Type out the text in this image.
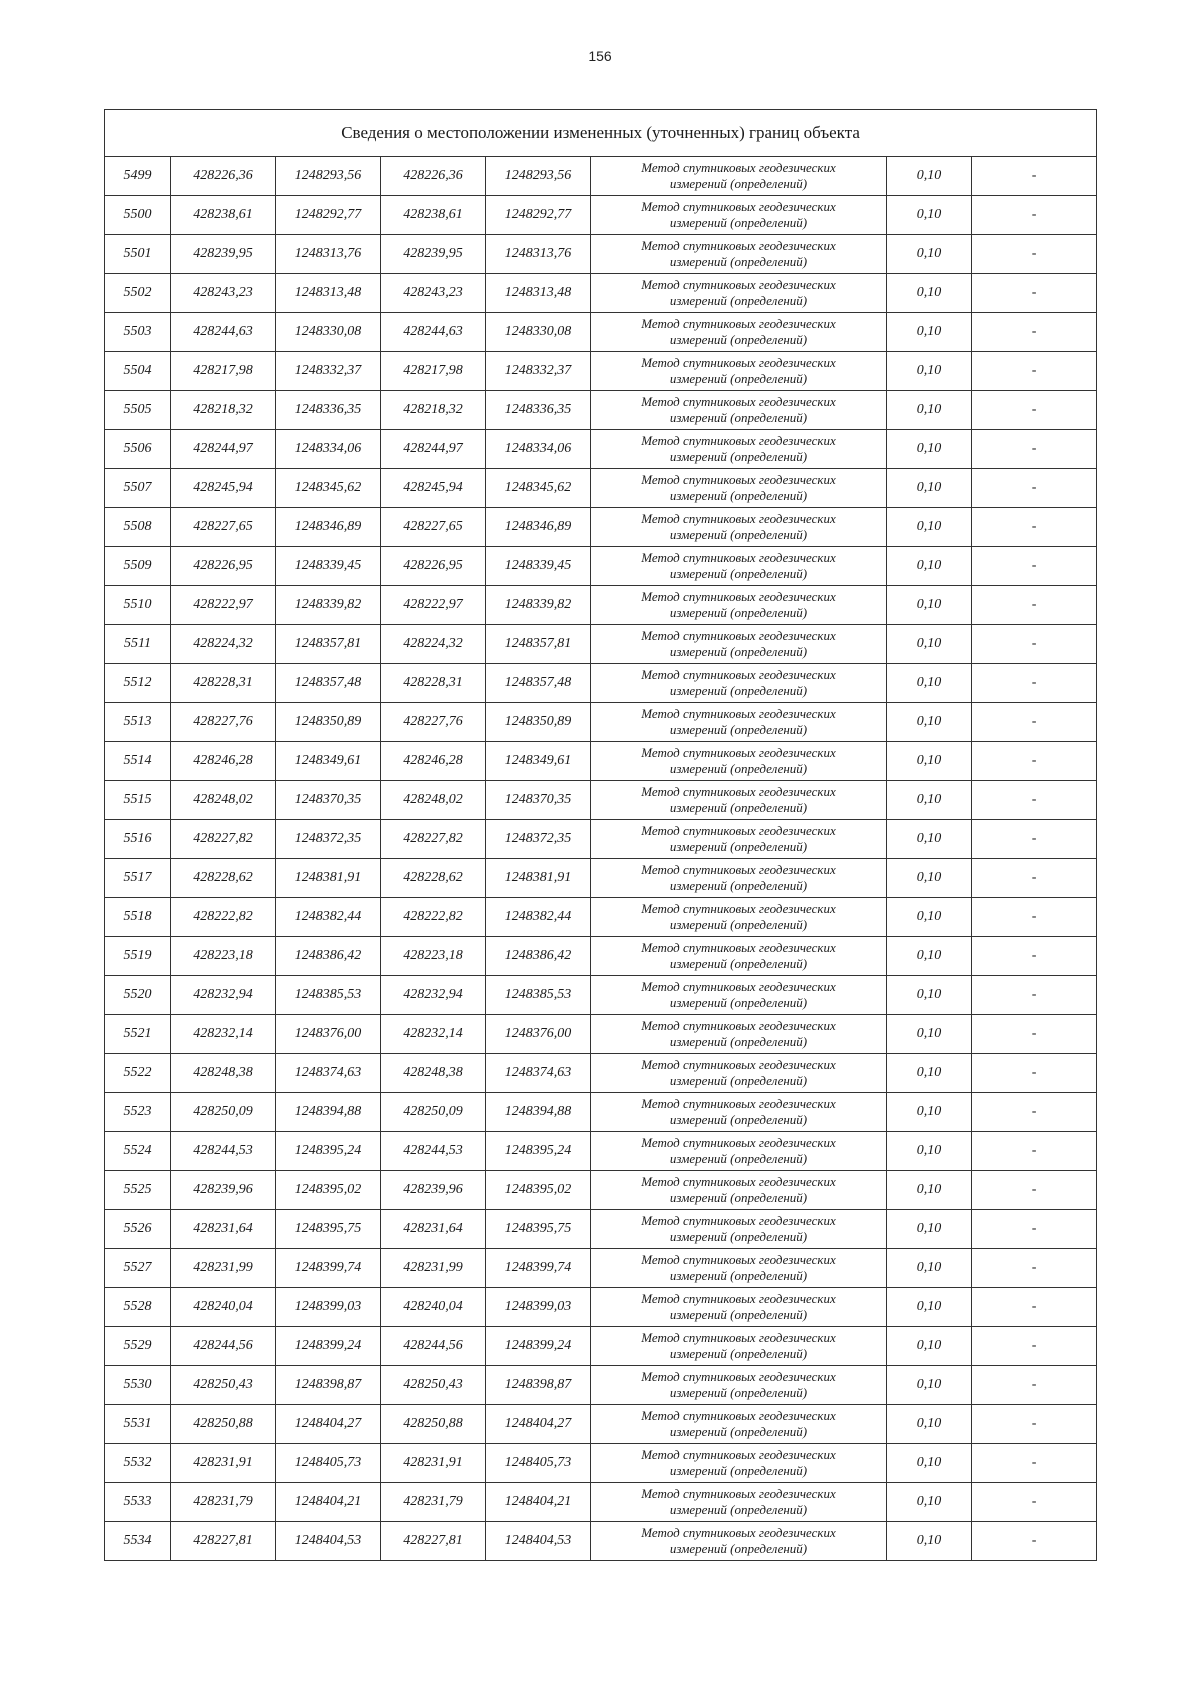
156
Сведения о местоположении измененных (уточненных) границ объекта							
5499	428226,36	1248293,56	428226,36	1248293,56	Метод спутниковых геодезических
измерений (определений)	0,10	-
5500	428238,61	1248292,77	428238,61	1248292,77	Метод спутниковых геодезических
измерений (определений)	0,10	-
5501	428239,95	1248313,76	428239,95	1248313,76	Метод спутниковых геодезических
измерений (определений)	0,10	-
5502	428243,23	1248313,48	428243,23	1248313,48	Метод спутниковых геодезических
измерений (определений)	0,10	-
5503	428244,63	1248330,08	428244,63	1248330,08	Метод спутниковых геодезических
измерений (определений)	0,10	-
5504	428217,98	1248332,37	428217,98	1248332,37	Метод спутниковых геодезических
измерений (определений)	0,10	-
5505	428218,32	1248336,35	428218,32	1248336,35	Метод спутниковых геодезических
измерений (определений)	0,10	-
5506	428244,97	1248334,06	428244,97	1248334,06	Метод спутниковых геодезических
измерений (определений)	0,10	-
5507	428245,94	1248345,62	428245,94	1248345,62	Метод спутниковых геодезических
измерений (определений)	0,10	-
5508	428227,65	1248346,89	428227,65	1248346,89	Метод спутниковых геодезических
измерений (определений)	0,10	-
5509	428226,95	1248339,45	428226,95	1248339,45	Метод спутниковых геодезических
измерений (определений)	0,10	-
5510	428222,97	1248339,82	428222,97	1248339,82	Метод спутниковых геодезических
измерений (определений)	0,10	-
5511	428224,32	1248357,81	428224,32	1248357,81	Метод спутниковых геодезических
измерений (определений)	0,10	-
5512	428228,31	1248357,48	428228,31	1248357,48	Метод спутниковых геодезических
измерений (определений)	0,10	-
5513	428227,76	1248350,89	428227,76	1248350,89	Метод спутниковых геодезических
измерений (определений)	0,10	-
5514	428246,28	1248349,61	428246,28	1248349,61	Метод спутниковых геодезических
измерений (определений)	0,10	-
5515	428248,02	1248370,35	428248,02	1248370,35	Метод спутниковых геодезических
измерений (определений)	0,10	-
5516	428227,82	1248372,35	428227,82	1248372,35	Метод спутниковых геодезических
измерений (определений)	0,10	-
5517	428228,62	1248381,91	428228,62	1248381,91	Метод спутниковых геодезических
измерений (определений)	0,10	-
5518	428222,82	1248382,44	428222,82	1248382,44	Метод спутниковых геодезических
измерений (определений)	0,10	-
5519	428223,18	1248386,42	428223,18	1248386,42	Метод спутниковых геодезических
измерений (определений)	0,10	-
5520	428232,94	1248385,53	428232,94	1248385,53	Метод спутниковых геодезических
измерений (определений)	0,10	-
5521	428232,14	1248376,00	428232,14	1248376,00	Метод спутниковых геодезических
измерений (определений)	0,10	-
5522	428248,38	1248374,63	428248,38	1248374,63	Метод спутниковых геодезических
измерений (определений)	0,10	-
5523	428250,09	1248394,88	428250,09	1248394,88	Метод спутниковых геодезических
измерений (определений)	0,10	-
5524	428244,53	1248395,24	428244,53	1248395,24	Метод спутниковых геодезических
измерений (определений)	0,10	-
5525	428239,96	1248395,02	428239,96	1248395,02	Метод спутниковых геодезических
измерений (определений)	0,10	-
5526	428231,64	1248395,75	428231,64	1248395,75	Метод спутниковых геодезических
измерений (определений)	0,10	-
5527	428231,99	1248399,74	428231,99	1248399,74	Метод спутниковых геодезических
измерений (определений)	0,10	-
5528	428240,04	1248399,03	428240,04	1248399,03	Метод спутниковых геодезических
измерений (определений)	0,10	-
5529	428244,56	1248399,24	428244,56	1248399,24	Метод спутниковых геодезических
измерений (определений)	0,10	-
5530	428250,43	1248398,87	428250,43	1248398,87	Метод спутниковых геодезических
измерений (определений)	0,10	-
5531	428250,88	1248404,27	428250,88	1248404,27	Метод спутниковых геодезических
измерений (определений)	0,10	-
5532	428231,91	1248405,73	428231,91	1248405,73	Метод спутниковых геодезических
измерений (определений)	0,10	-
5533	428231,79	1248404,21	428231,79	1248404,21	Метод спутниковых геодезических
измерений (определений)	0,10	-
5534	428227,81	1248404,53	428227,81	1248404,53	Метод спутниковых геодезических
измерений (определений)	0,10	-
